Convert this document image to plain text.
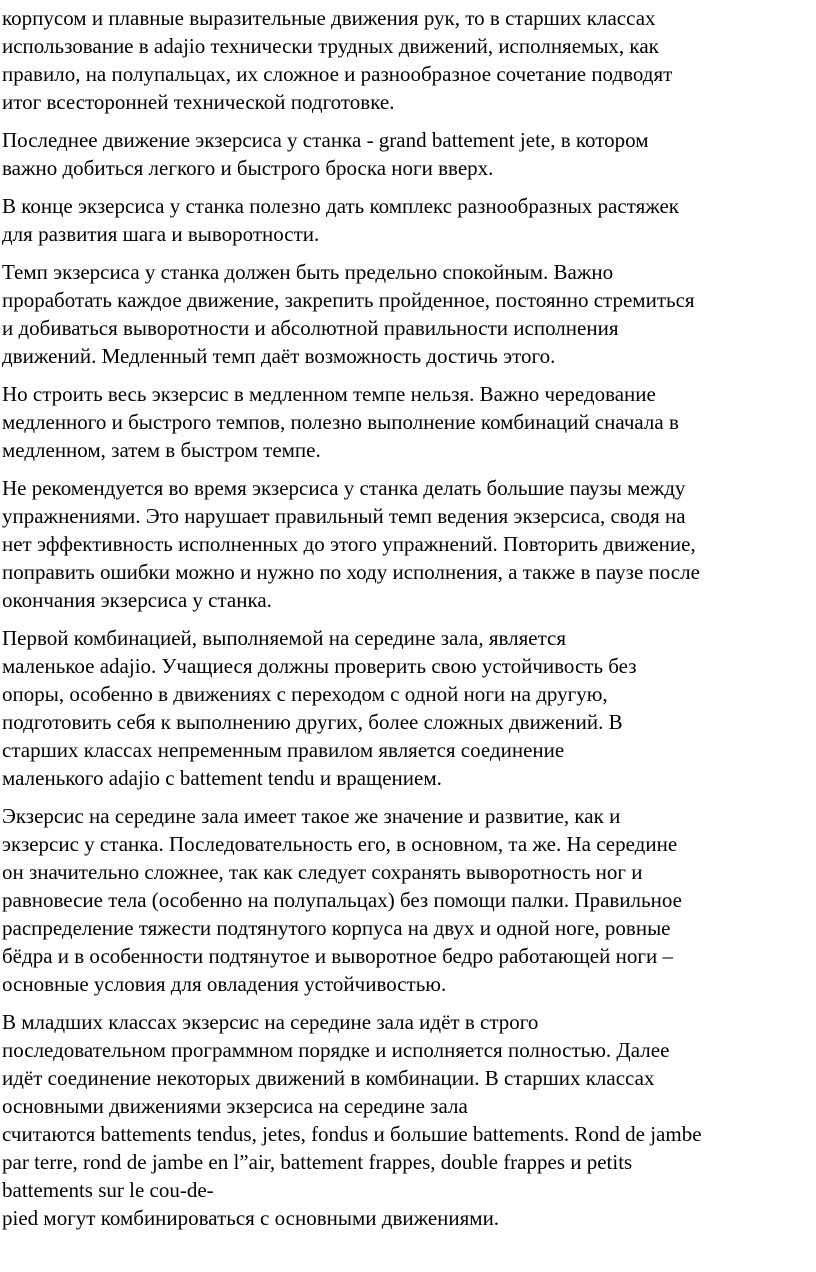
корпусом и плавные выразительные движения рук, то в старших классах
использование в adajio технически трудных движений, исполняемых, как
правило, на полупальцах, их сложное и разнообразное сочетание подводят
итог всесторонней технической подготовке.

Последнее движение экзерсиса у станка - grand battement jete, в котором
важно добиться легкого и быстрого броска ноги вверх.

В конце экзерсиса у станка полезно дать комплекс разнообразных растяжек
для развития шага и выворотности.

Темп экзерсиса у станка должен быть предельно спокойным. Важно
проработать каждое движение, закрепить пройденное, постоянно стремиться
и добиваться выворотности и абсолютной правильности исполнения
движений. Медленный темп даёт возможность достичь этого.

Но строить весь экзерсис в медленном темпе нельзя. Важно чередование
медленного и быстрого темпов, полезно выполнение комбинаций сначала в
медленном, затем в быстром темпе.

Не рекомендуется во время экзерсиса у станка делать большие паузы между
упражнениями. Это нарушает правильный темп ведения экзерсиса, сводя на
нет эффективность исполненных до этого упражнений. Повторить движение,
поправить ошибки можно и нужно по ходу исполнения, а также в паузе после
окончания экзерсиса у станка.

Первой комбинацией, выполняемой на середине зала, является
маленькое adajio. Учащиеся должны проверить свою устойчивость без
опоры, особенно в движениях с переходом с одной ноги на другую,
подготовить себя к выполнению других, более сложных движений. В
старших классах непременным правилом является соединение
маленького adajio с battement tendu и вращением.

Экзерсис на середине зала имеет такое же значение и развитие, как и
экзерсис у станка. Последовательность его, в основном, та же. На середине
он значительно сложнее, так как следует сохранять выворотность ног и
равновесие тела (особенно на полупальцах) без помощи палки. Правильное
распределение тяжести подтянутого корпуса на двух и одной ноге, ровные
бёдра и в особенности подтянутое и выворотное бедро работающей ноги –
основные условия для овладения устойчивостью.

В младших классах экзерсис на середине зала идёт в строго
последовательном программном порядке и исполняется полностью. Далее
идёт соединение некоторых движений в комбинации. В старших классах
основными движениями экзерсиса на середине зала
считаются battements tendus, jetes, fondus и большие battements. Rond de jambe
par terre, rond de jambe en l”air, battement frappes, double frappes и petits
battements sur le cou-de-
pied могут комбинироваться с основными движениями.
